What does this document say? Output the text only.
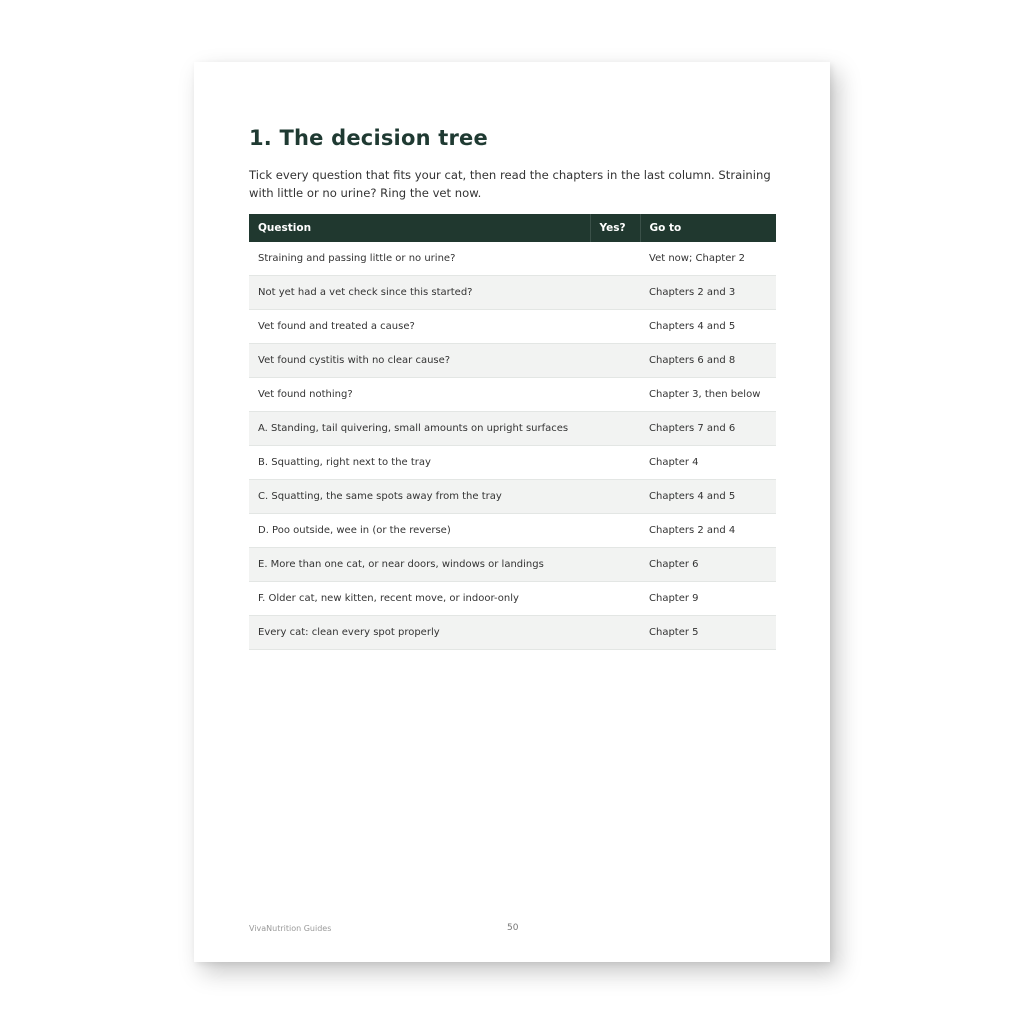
1. The decision tree

Tick every question that fits your cat, then read the chapters in the last column. Straining with little or no urine? Ring the vet now.

Question	Yes?	Go to
Straining and passing little or no urine?		Vet now; Chapter 2
Not yet had a vet check since this started?		Chapters 2 and 3
Vet found and treated a cause?		Chapters 4 and 5
Vet found cystitis with no clear cause?		Chapters 6 and 8
Vet found nothing?		Chapter 3, then below
A. Standing, tail quivering, small amounts on upright surfaces		Chapters 7 and 6
B. Squatting, right next to the tray		Chapter 4
C. Squatting, the same spots away from the tray		Chapters 4 and 5
D. Poo outside, wee in (or the reverse)		Chapters 2 and 4
E. More than one cat, or near doors, windows or landings		Chapter 6
F. Older cat, new kitten, recent move, or indoor-only		Chapter 9
Every cat: clean every spot properly		Chapter 5
VivaNutrition Guides	50
